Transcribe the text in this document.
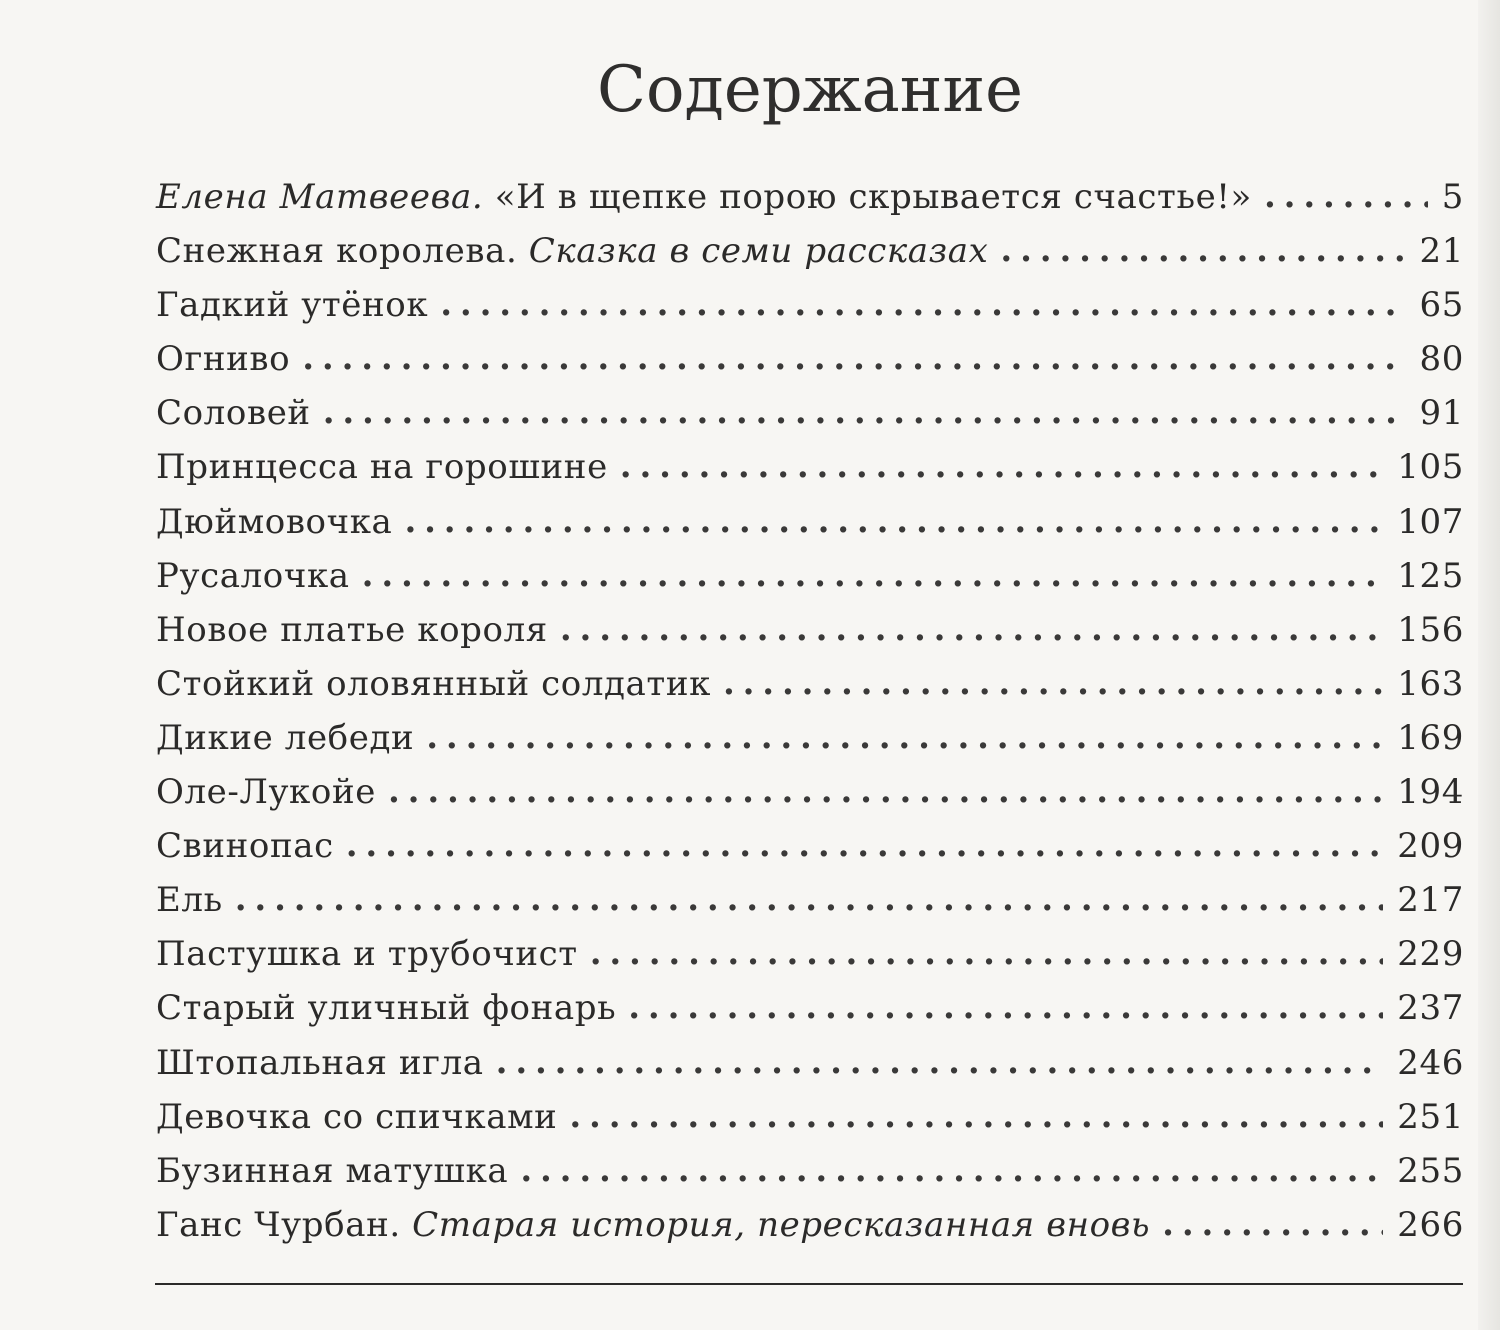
Содержание
Елена Матвеева. «И в щепке порою скрывается счастье!» . . .	5
Снежная королева. Сказка в семи рассказах . . .	21
Гадкий утёнок . . .	65
Огниво . . .	80
Соловей . . .	91
Принцесса на горошине . . .	105
Дюймовочка . . .	107
Русалочка . . .	125
Новое платье короля . . .	156
Стойкий оловянный солдатик . . .	163
Дикие лебеди . . .	169
Оле-Лукойе . . .	194
Свинопас . . .	209
Ель . . .	217
Пастушка и трубочист . . .	229
Старый уличный фонарь . . .	237
Штопальная игла . . .	246
Девочка со спичками . . .	251
Бузинная матушка . . .	255
Ганс Чурбан. Старая история, пересказанная вновь . . .	266
